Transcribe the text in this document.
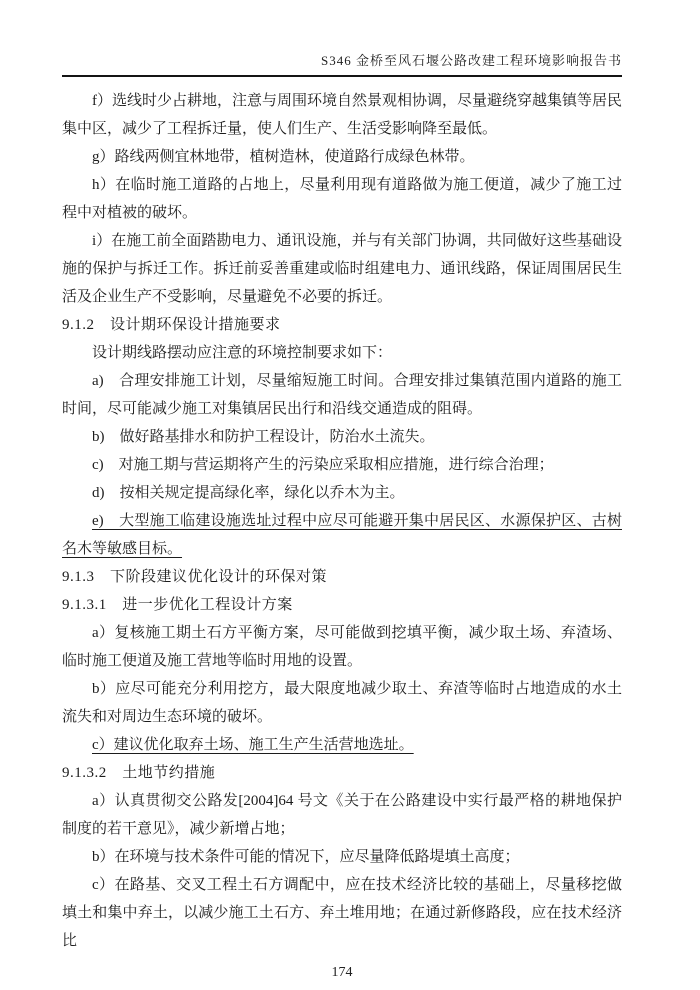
S346 金桥至风石堰公路改建工程环境影响报告书

f）选线时少占耕地，注意与周围环境自然景观相协调，尽量避绕穿越集镇等居民集中区，减少了工程拆迁量，使人们生产、生活受影响降至最低。

g）路线两侧宜林地带，植树造林，使道路行成绿色林带。

h）在临时施工道路的占地上，尽量利用现有道路做为施工便道，减少了施工过程中对植被的破坏。

i）在施工前全面踏勘电力、通讯设施，并与有关部门协调，共同做好这些基础设施的保护与拆迁工作。拆迁前妥善重建或临时组建电力、通讯线路，保证周围居民生活及企业生产不受影响，尽量避免不必要的拆迁。

9.1.2　设计期环保设计措施要求

设计期线路摆动应注意的环境控制要求如下：

a)　合理安排施工计划，尽量缩短施工时间。合理安排过集镇范围内道路的施工时间，尽可能减少施工对集镇居民出行和沿线交通造成的阻碍。

b)　做好路基排水和防护工程设计，防治水土流失。

c)　对施工期与营运期将产生的污染应采取相应措施，进行综合治理；

d)　按相关规定提高绿化率，绿化以乔木为主。

e)　大型施工临建设施选址过程中应尽可能避开集中居民区、水源保护区、古树名木等敏感目标。

9.1.3　下阶段建议优化设计的环保对策

9.1.3.1　进一步优化工程设计方案

a）复核施工期土石方平衡方案，尽可能做到挖填平衡，减少取土场、弃渣场、临时施工便道及施工营地等临时用地的设置。

b）应尽可能充分利用挖方，最大限度地减少取土、弃渣等临时占地造成的水土流失和对周边生态环境的破坏。

c）建议优化取弃土场、施工生产生活营地选址。

9.1.3.2　土地节约措施

a）认真贯彻交公路发[2004]64 号文《关于在公路建设中实行最严格的耕地保护制度的若干意见》，减少新增占地；

b）在环境与技术条件可能的情况下，应尽量降低路堤填土高度；

c）在路基、交叉工程土石方调配中，应在技术经济比较的基础上，尽量移挖做填土和集中弃土，以减少施工土石方、弃土堆用地；在通过新修路段，应在技术经济比

174
